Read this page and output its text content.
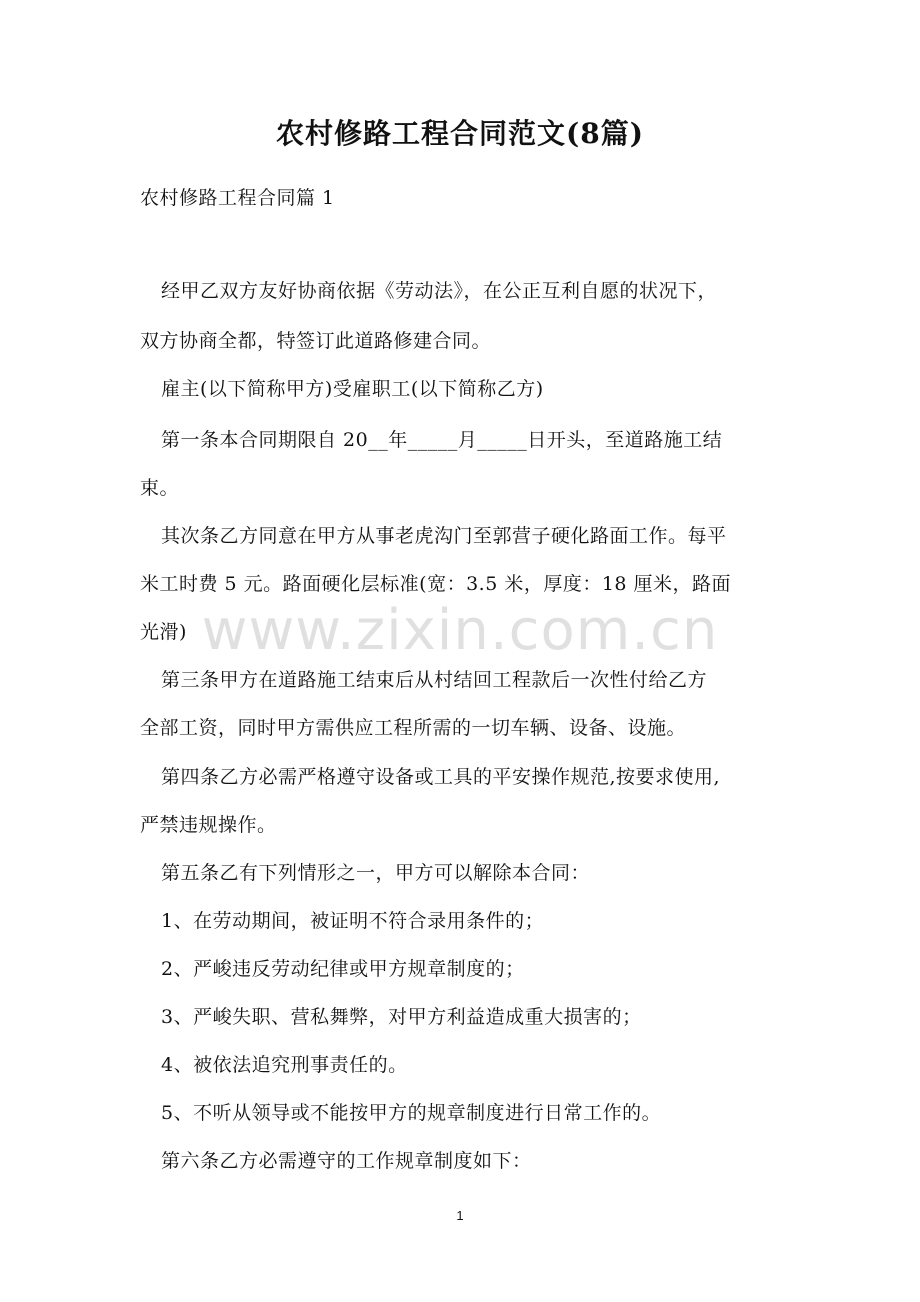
农村修路工程合同范文(8篇)
农村修路工程合同篇 1
www.zixin.com.cn
经甲乙双方友好协商依据《劳动法》，在公正互利自愿的状况下，
双方协商全都，特签订此道路修建合同。
雇主(以下简称甲方)受雇职工(以下简称乙方)
第一条本合同期限自 20__年_____月_____日开头，至道路施工结
束。
其次条乙方同意在甲方从事老虎沟门至郭营子硬化路面工作。每平
米工时费 5 元。路面硬化层标准(宽：3.5 米，厚度：18 厘米，路面
光滑)
第三条甲方在道路施工结束后从村结回工程款后一次性付给乙方
全部工资，同时甲方需供应工程所需的一切车辆、设备、设施。
第四条乙方必需严格遵守设备或工具的平安操作规范,按要求使用,
严禁违规操作。
第五条乙有下列情形之一，甲方可以解除本合同：
1、在劳动期间，被证明不符合录用条件的；
2、严峻违反劳动纪律或甲方规章制度的；
3、严峻失职、营私舞弊，对甲方利益造成重大损害的；
4、被依法追究刑事责任的。
5、不听从领导或不能按甲方的规章制度进行日常工作的。
第六条乙方必需遵守的工作规章制度如下：
1
